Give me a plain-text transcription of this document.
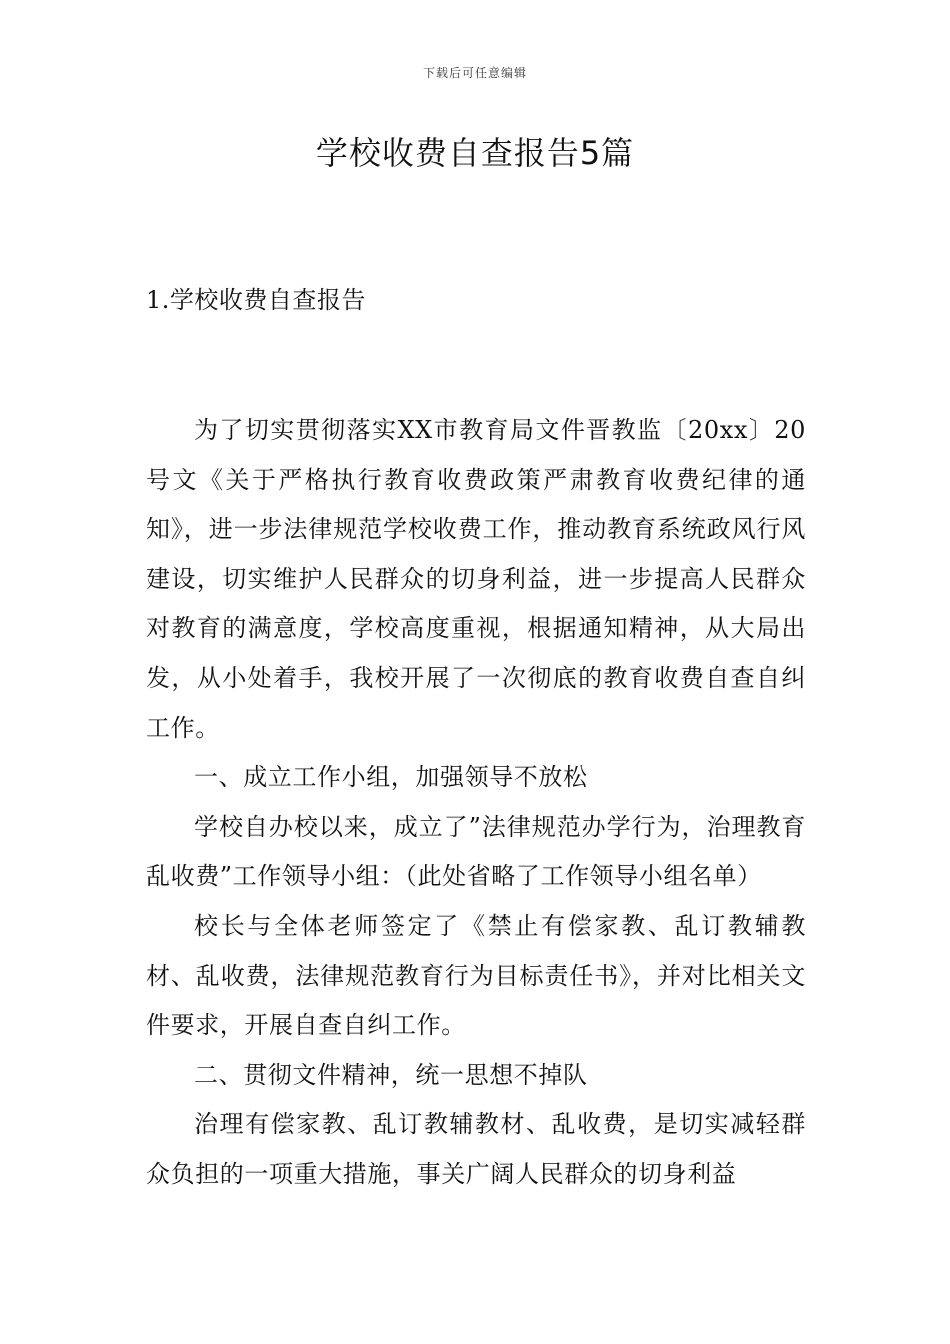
下载后可任意编辑
学校收费自查报告5篇

1.学校收费自查报告

为了切实贯彻落实XX市教育局文件晋教监〔20xx〕20号文《关于严格执行教育收费政策严肃教育收费纪律的通知》，进一步法律规范学校收费工作，推动教育系统政风行风建设，切实维护人民群众的切身利益，进一步提高人民群众对教育的满意度，学校高度重视，根据通知精神，从大局出发，从小处着手，我校开展了一次彻底的教育收费自查自纠工作。

一、成立工作小组，加强领导不放松

学校自办校以来，成立了”法律规范办学行为，治理教育乱收费”工作领导小组：（此处省略了工作领导小组名单）

校长与全体老师签定了《禁止有偿家教、乱订教辅教材、乱收费，法律规范教育行为目标责任书》，并对比相关文件要求，开展自查自纠工作。

二、贯彻文件精神，统一思想不掉队

治理有偿家教、乱订教辅教材、乱收费，是切实减轻群众负担的一项重大措施，事关广阔人民群众的切身利益
